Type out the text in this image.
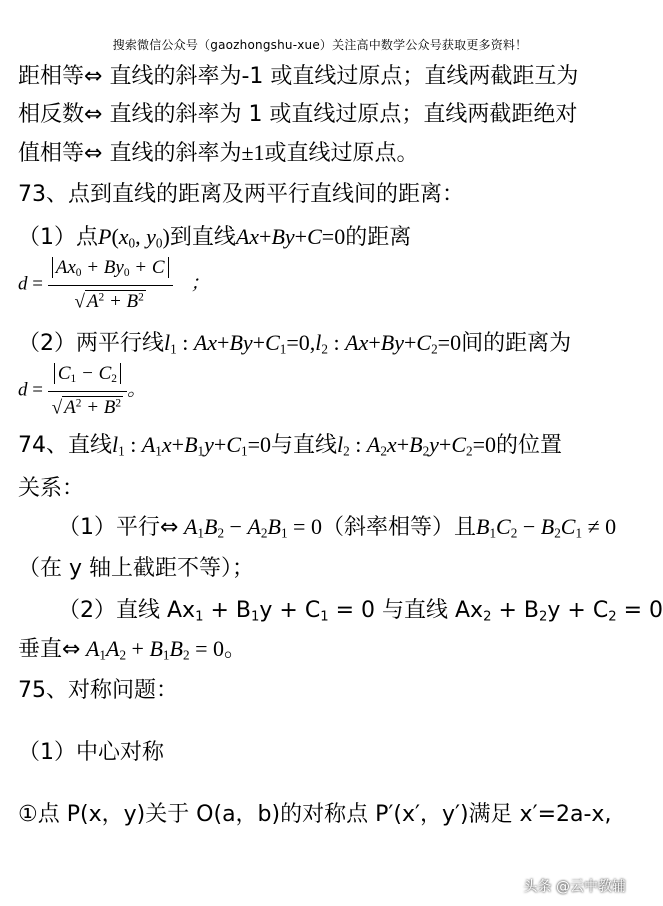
搜索微信公众号（gaozhongshu-xue）关注高中数学公众号获取更多资料！
距相等⇔ 直线的斜率为-1 或直线过原点；直线两截距互为
相反数⇔ 直线的斜率为 1 或直线过原点；直线两截距绝对
值相等⇔ 直线的斜率为±1或直线过原点。
73、点到直线的距离及两平行直线间的距离：
（1）点$P(x_0$, $y_0$)到直线Ax+By+C=0的距离
$d = \frac{Ax_0 + By_0 + C}{√ A^2 + B^2}$ ；
（2）两平行线$l_1$ : $Ax+By+C_1=0,l_2$ : $Ax+By+C_2=0$间的距离为
$d = \frac{C_1 - C_2}{√ A^2 + B^2}$ 。
74、直线$l_1$ : $A_1x+B_1y+C_1=0$与直线$l_2$ : $A_2x+B_2y+C_2=0$的位置
关系：
（1）平行⇔ $A_1B_2 - A_2B_1 = 0$（斜率相等）且$B_1C_2 - B_2C_1 \ne 0$
（在 y 轴上截距不等）；
（2）直线 $Ax_1 + B_1y + C_1 = 0$ 与直线 $Ax_2 + B_2y + C_2 = 0$
垂直⇔ $A_1A_2 + B_1B_2 = 0$。
75、对称问题：
（1）中心对称
①点 P(x，y)关于 O(a，b)的对称点 P′(x′，y′)满足 x′=2a-x,
头条 @云中教辅
